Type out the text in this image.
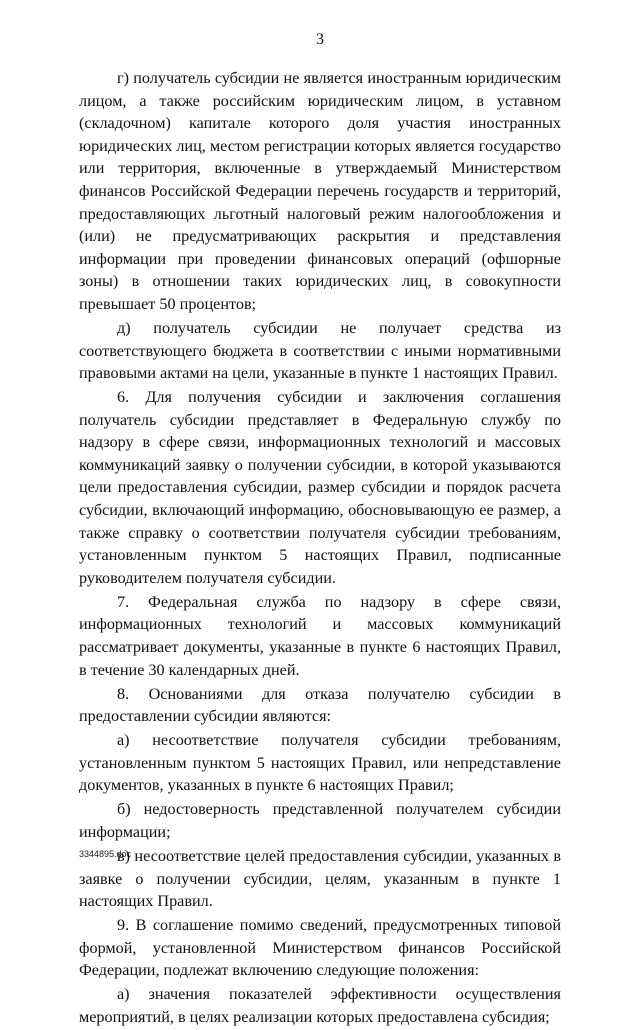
3

г) получатель субсидии не является иностранным юридическим лицом, а также российским юридическим лицом, в уставном (складочном) капитале которого доля участия иностранных юридических лиц, местом регистрации которых является государство или территория, включенные в утверждаемый Министерством финансов Российской Федерации перечень государств и территорий, предоставляющих льготный налоговый режим налогообложения и (или) не предусматривающих раскрытия и представления информации при проведении финансовых операций (офшорные зоны) в отношении таких юридических лиц, в совокупности превышает 50 процентов;

д) получатель субсидии не получает средства из соответствующего бюджета в соответствии с иными нормативными правовыми актами на цели, указанные в пункте 1 настоящих Правил.

6. Для получения субсидии и заключения соглашения получатель субсидии представляет в Федеральную службу по надзору в сфере связи, информационных технологий и массовых коммуникаций заявку о получении субсидии, в которой указываются цели предоставления субсидии, размер субсидии и порядок расчета субсидии, включающий информацию, обосновывающую ее размер, а также справку о соответствии получателя субсидии требованиям, установленным пунктом 5 настоящих Правил, подписанные руководителем получателя субсидии.

7. Федеральная служба по надзору в сфере связи, информационных технологий и массовых коммуникаций рассматривает документы, указанные в пункте 6 настоящих Правил, в течение 30 календарных дней.

8. Основаниями для отказа получателю субсидии в предоставлении субсидии являются:

а) несоответствие получателя субсидии требованиям, установленным пунктом 5 настоящих Правил, или непредставление документов, указанных в пункте 6 настоящих Правил;

б) недостоверность представленной получателем субсидии информации;

в) несоответствие целей предоставления субсидии, указанных в заявке о получении субсидии, целям, указанным в пункте 1 настоящих Правил.

9. В соглашение помимо сведений, предусмотренных типовой формой, установленной Министерством финансов Российской Федерации, подлежат включению следующие положения:

а) значения показателей эффективности осуществления мероприятий, в целях реализации которых предоставлена субсидия;

3344895.doc
